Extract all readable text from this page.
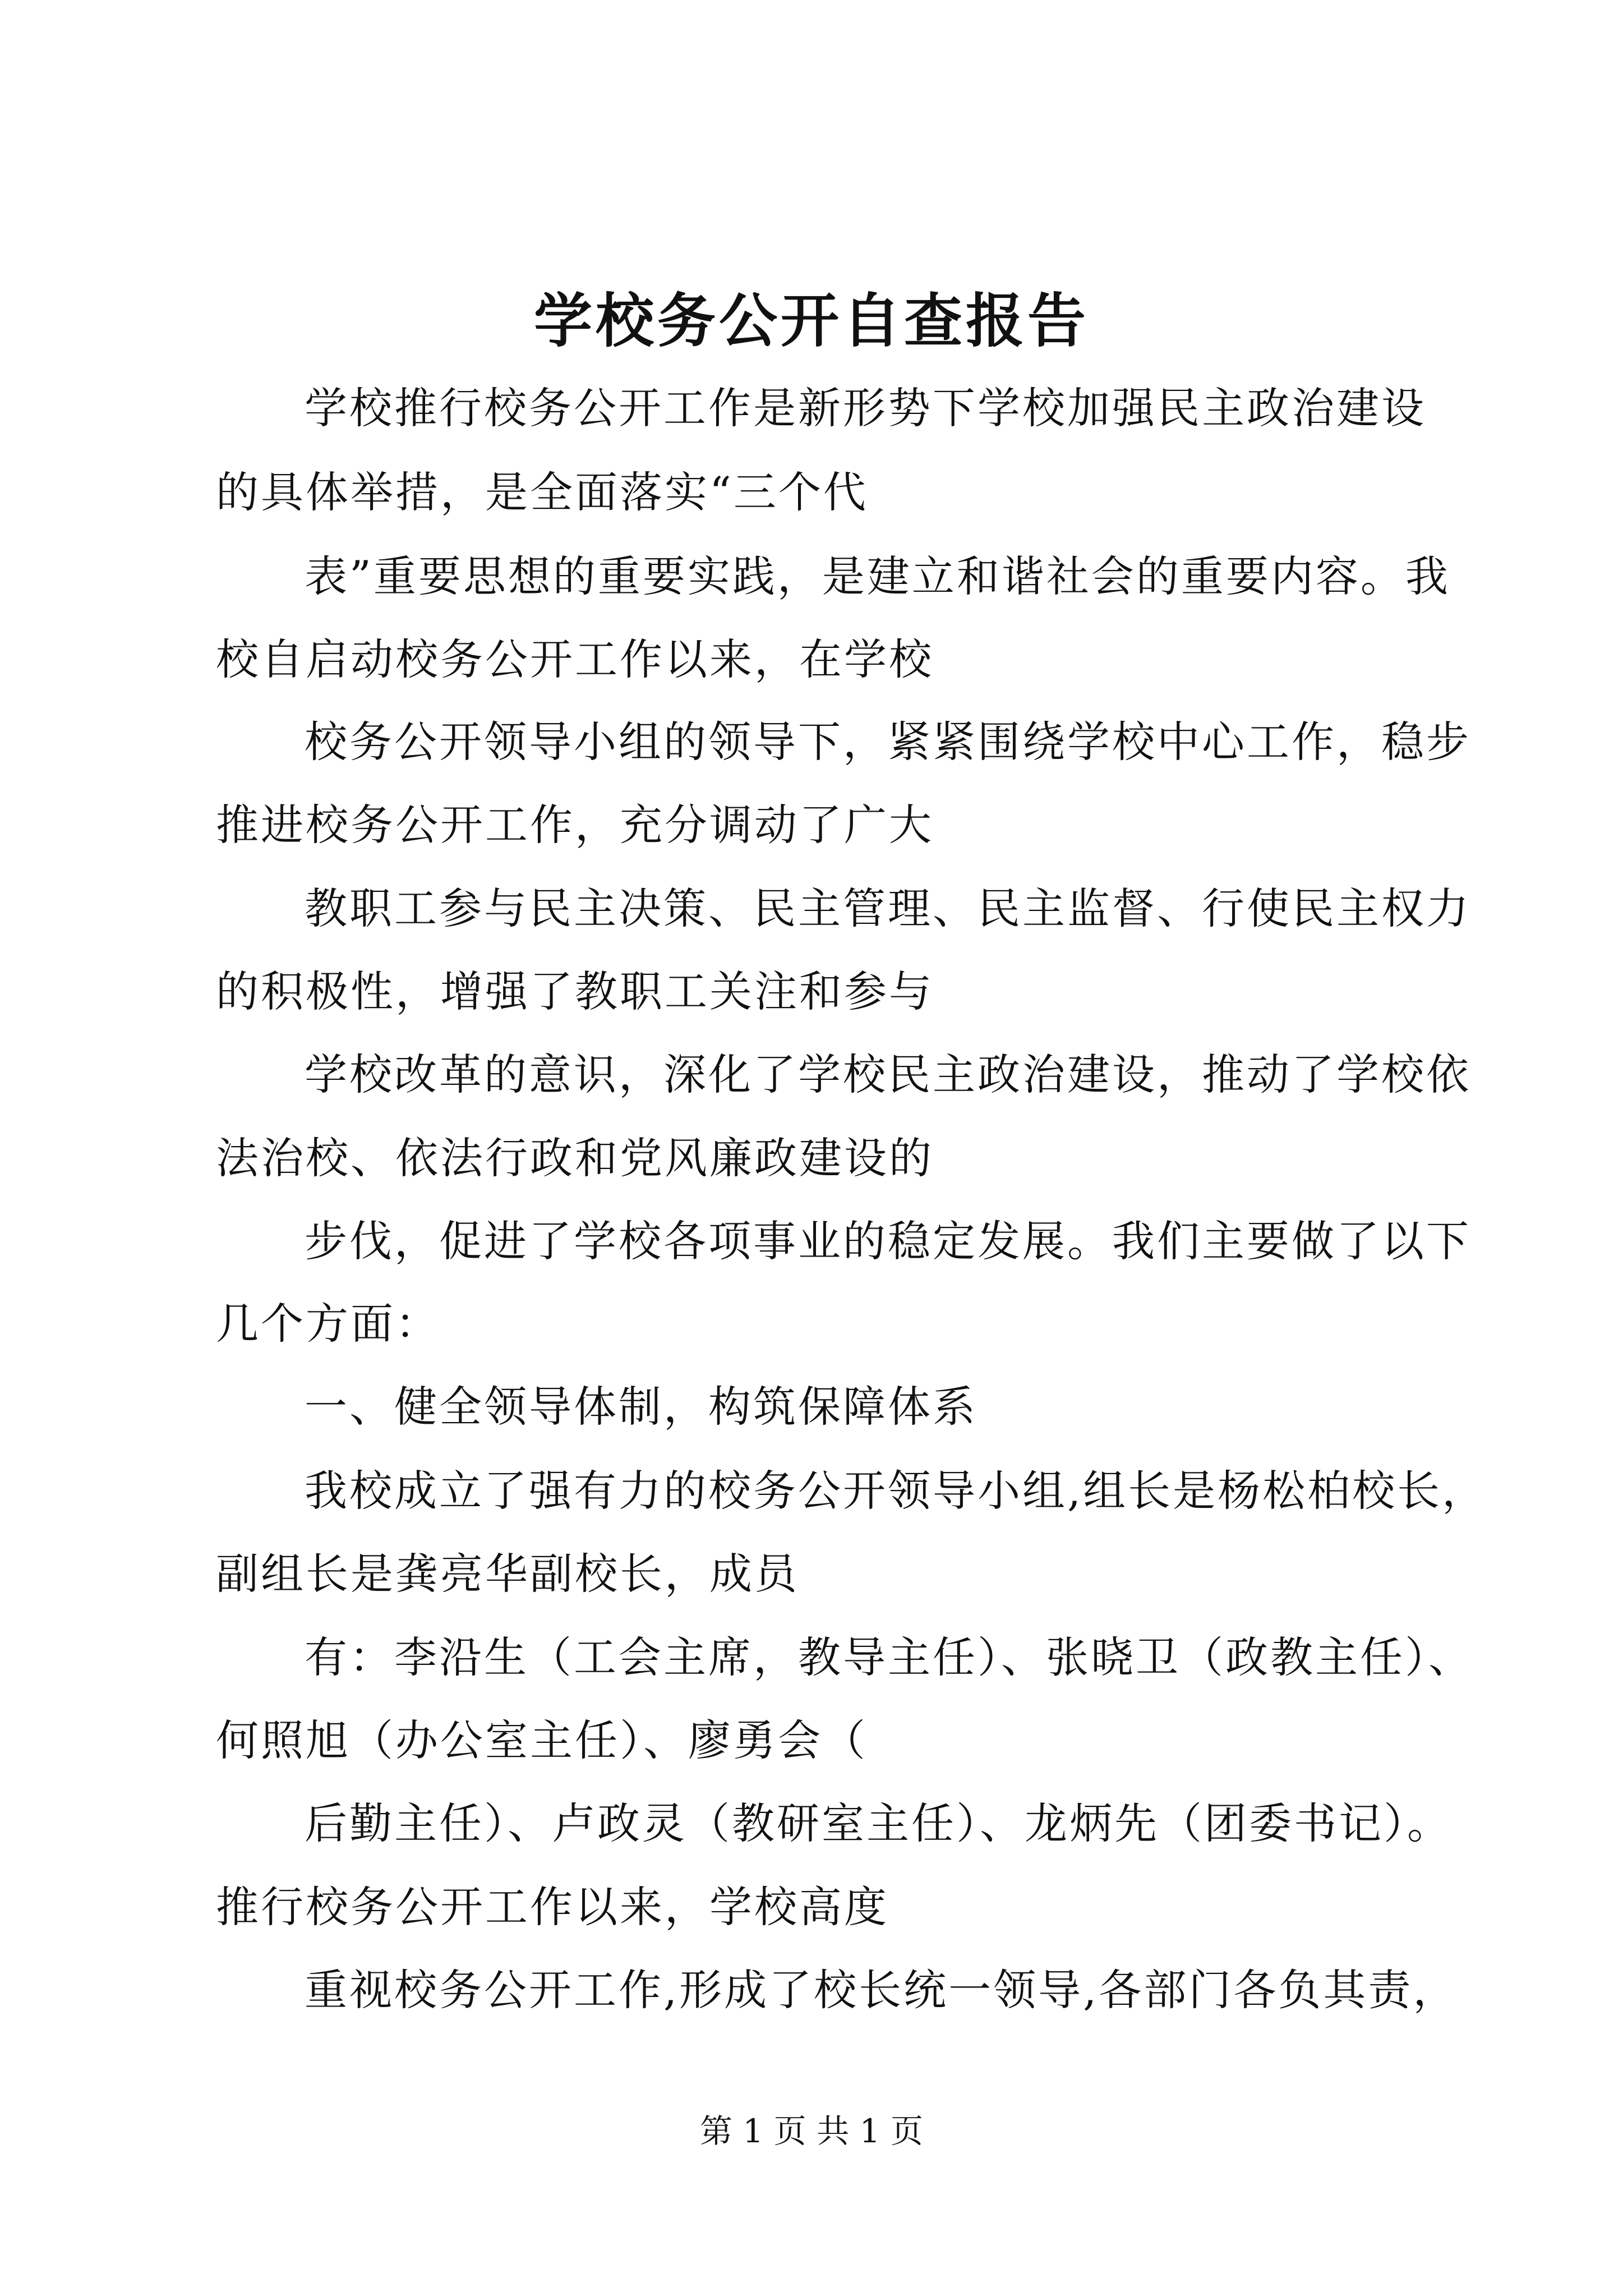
学校务公开自查报告
学校推行校务公开工作是新形势下学校加强民主政治建设
的具体举措，是全面落实“三个代
表”重要思想的重要实践，是建立和谐社会的重要内容。我
校自启动校务公开工作以来，在学校
校务公开领导小组的领导下，紧紧围绕学校中心工作，稳步
推进校务公开工作，充分调动了广大
教职工参与民主决策、民主管理、民主监督、行使民主权力
的积极性，增强了教职工关注和参与
学校改革的意识，深化了学校民主政治建设，推动了学校依
法治校、依法行政和党风廉政建设的
步伐，促进了学校各项事业的稳定发展。我们主要做了以下
几个方面：
一、健全领导体制，构筑保障体系
我校成立了强有力的校务公开领导小组,组长是杨松柏校长，
副组长是龚亮华副校长，成员
有：李沿生（工会主席，教导主任）、张晓卫（政教主任）、
何照旭（办公室主任）、廖勇会（
后勤主任）、卢政灵（教研室主任）、龙炳先（团委书记）。
推行校务公开工作以来，学校高度
重视校务公开工作,形成了校长统一领导,各部门各负其责，
第 1 页 共 1 页
